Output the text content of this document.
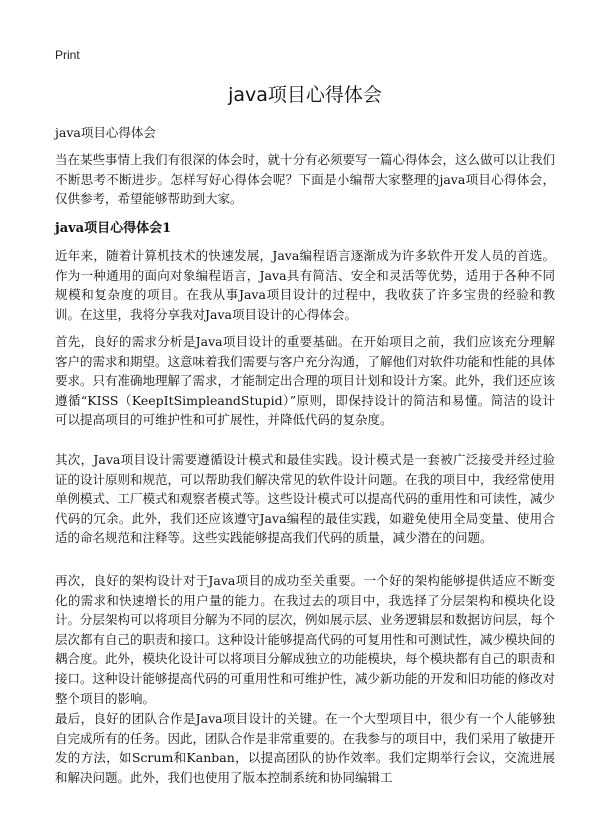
Print
java项目心得体会
java项目心得体会

当在某些事情上我们有很深的体会时，就十分有必须要写一篇心得体会，这么做可以让我们不断思考不断进步。怎样写好心得体会呢？下面是小编帮大家整理的java项目心得体会，仅供参考，希望能够帮助到大家。

java项目心得体会1

近年来，随着计算机技术的快速发展，Java编程语言逐渐成为许多软件开发人员的首选。作为一种通用的面向对象编程语言，Java具有简洁、安全和灵活等优势，适用于各种不同规模和复杂度的项目。在我从事Java项目设计的过程中，我收获了许多宝贵的经验和教训。在这里，我将分享我对Java项目设计的心得体会。

首先，良好的需求分析是Java项目设计的重要基础。在开始项目之前，我们应该充分理解客户的需求和期望。这意味着我们需要与客户充分沟通，了解他们对软件功能和性能的具体要求。只有准确地理解了需求，才能制定出合理的项目计划和设计方案。此外，我们还应该遵循“KISS（KeepItSimpleandStupid）”原则，即保持设计的简洁和易懂。简洁的设计可以提高项目的可维护性和可扩展性，并降低代码的复杂度。

其次，Java项目设计需要遵循设计模式和最佳实践。设计模式是一套被广泛接受并经过验证的设计原则和规范，可以帮助我们解决常见的软件设计问题。在我的项目中，我经常使用单例模式、工厂模式和观察者模式等。这些设计模式可以提高代码的重用性和可读性，减少代码的冗余。此外，我们还应该遵守Java编程的最佳实践，如避免使用全局变量、使用合适的命名规范和注释等。这些实践能够提高我们代码的质量，减少潜在的问题。

再次，良好的架构设计对于Java项目的成功至关重要。一个好的架构能够提供适应不断变化的需求和快速增长的用户量的能力。在我过去的项目中，我选择了分层架构和模块化设计。分层架构可以将项目分解为不同的层次，例如展示层、业务逻辑层和数据访问层，每个层次都有自己的职责和接口。这种设计能够提高代码的可复用性和可测试性，减少模块间的耦合度。此外，模块化设计可以将项目分解成独立的功能模块，每个模块都有自己的职责和接口。这种设计能够提高代码的可重用性和可维护性，减少新功能的开发和旧功能的修改对整个项目的影响。

最后，良好的团队合作是Java项目设计的关键。在一个大型项目中，很少有一个人能够独自完成所有的任务。因此，团队合作是非常重要的。在我参与的项目中，我们采用了敏捷开发的方法，如Scrum和Kanban，以提高团队的协作效率。我们定期举行会议，交流进展和解决问题。此外，我们也使用了版本控制系统和协同编辑工
